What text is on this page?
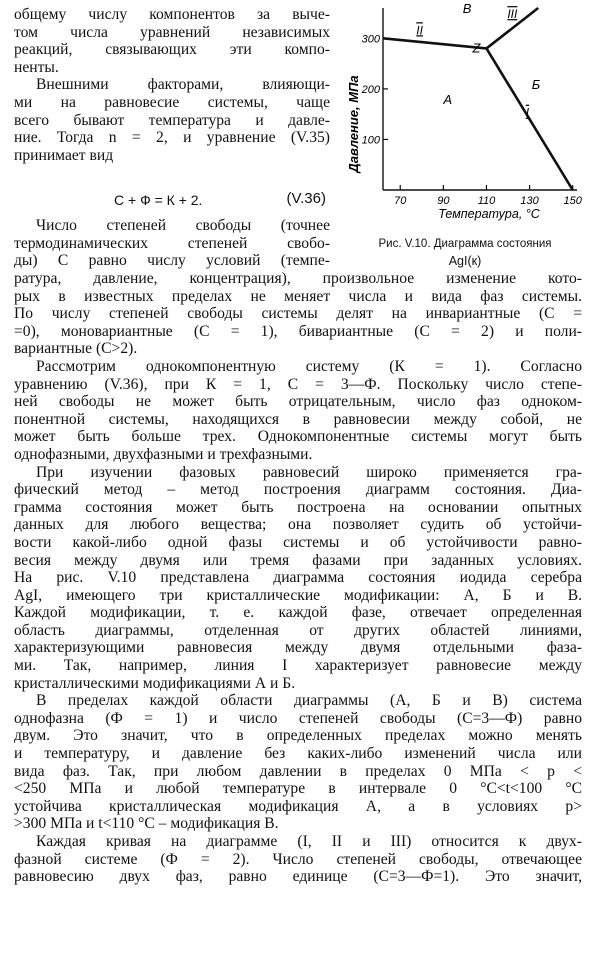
общему числу компонентов за выче-
том числа уравнений независимых
реакций, связывающих эти компо-
ненты.
Внешними факторами, влияющи-
ми на равновесие системы, чаще
всего бывают температура и давле-
ние. Тогда n = 2, и уравнение (V.35)
принимает вид
С + Ф = К + 2.	(V.36)
Число степеней свободы (точнее
термодинамических степеней свобо-
ды) С равно числу условий (темпе-
300
200
100
70	90	110 130 150
I
II
III
А
Б
В
Z
Давление, МПа
Температура, °С
Рис. V.10. Диаграмма состояния
AgI(к)
ратура, давление, концентрация), произвольное изменение кото-
рых в известных пределах не меняет числа и вида фаз системы.
По числу степеней свободы системы делят на инвариантные (С =
=0), моновариантные (С = 1), бивариантные (С = 2) и поли-
вариантные (С>2).
Рассмотрим однокомпонентную систему (К = 1). Согласно
уравнению (V.36), при К = 1, С = 3—Ф. Поскольку число степе-
ней свободы не может быть отрицательным, число фаз одноком-
понентной системы, находящихся в равновесии между собой, не
может быть больше трех. Однокомпонентные системы могут быть
однофазными, двухфазными и трехфазными.
При изучении фазовых равновесий широко применяется гра-
фический метод – метод построения диаграмм состояния. Диа-
грамма состояния может быть построена на основании опытных
данных для любого вещества; она позволяет судить об устойчи-
вости какой-либо одной фазы системы и об устойчивости равно-
весия между двумя или тремя фазами при заданных условиях.
На рис. V.10 представлена диаграмма состояния иодида серебра
AgI, имеющего три кристаллические модификации: А, Б и В.
Каждой модификации, т. е. каждой фазе, отвечает определенная
область диаграммы, отделенная от других областей линиями,
характеризующими равновесия между двумя отдельными фаза-
ми. Так, например, линия I характеризует равновесие между
кристаллическими модификациями А и Б.
В пределах каждой области диаграммы (А, Б и В) система
однофазна (Ф = 1) и число степеней свободы (С=3—Ф) равно
двум. Это значит, что в определенных пределах можно менять
и температуру, и давление без каких-либо изменений числа или
вида фаз. Так, при любом давлении в пределах 0 МПа < p <
<250 МПа и любой температуре в интервале 0 °С<t<100 °С
устойчива кристаллическая модификация А, а в условиях p>
>300 МПа и t<110 °С – модификация В.
Каждая кривая на диаграмме (I, II и III) относится к двух-
фазной системе (Ф = 2). Число степеней свободы, отвечающее
равновесию двух фаз, равно единице (С=3—Ф=1). Это значит,
